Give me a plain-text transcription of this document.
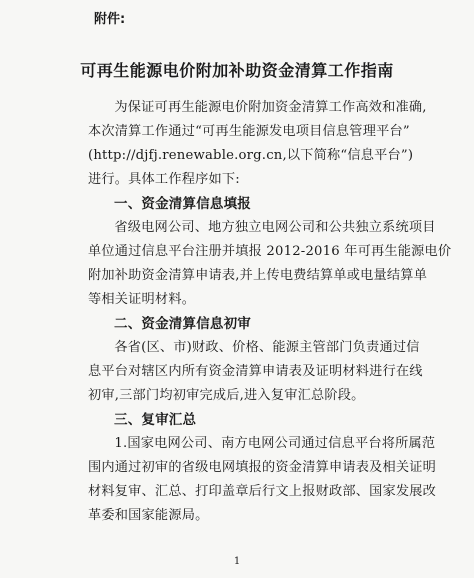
附件:
可再生能源电价附加补助资金清算工作指南

为保证可再生能源电价附加资金清算工作高效和准确,

本次清算工作通过“可再生能源发电项目信息管理平台”

(http://djfj.renewable.org.cn,以下简称“信息平台”)

进行。具体工作程序如下:

一、资金清算信息填报

省级电网公司、地方独立电网公司和公共独立系统项目

单位通过信息平台注册并填报 2012-2016 年可再生能源电价

附加补助资金清算申请表,并上传电费结算单或电量结算单

等相关证明材料。

二、资金清算信息初审

各省(区、市)财政、价格、能源主管部门负责通过信

息平台对辖区内所有资金清算申请表及证明材料进行在线

初审,三部门均初审完成后,进入复审汇总阶段。

三、复审汇总

1.国家电网公司、南方电网公司通过信息平台将所属范

围内通过初审的省级电网填报的资金清算申请表及相关证明

材料复审、汇总、打印盖章后行文上报财政部、国家发展改

革委和国家能源局。

1
